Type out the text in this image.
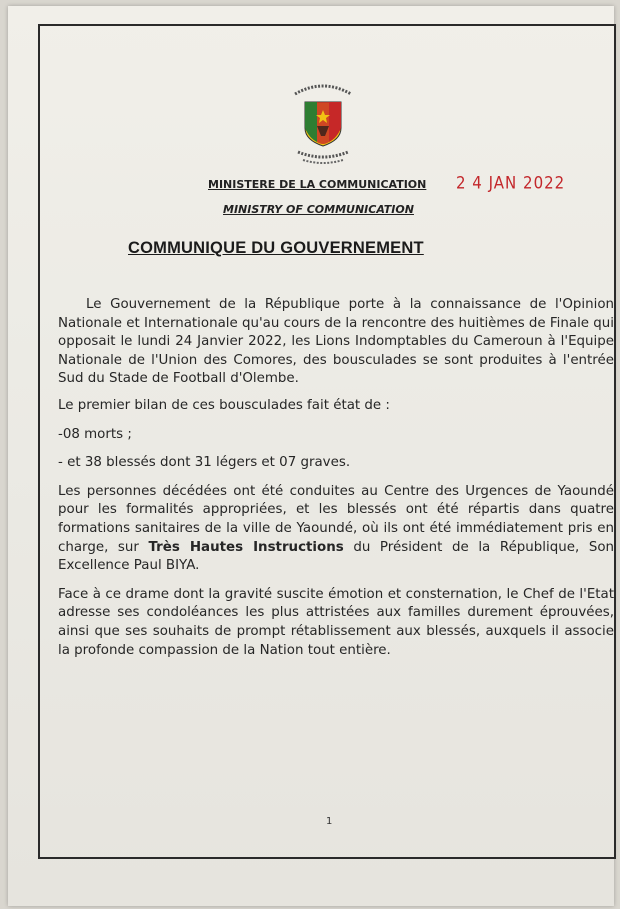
MINISTERE DE LA COMMUNICATION
MINISTRY OF COMMUNICATION
2 4 JAN 2022
COMMUNIQUE DU GOUVERNEMENT

Le Gouvernement de la République porte à la connaissance de l'Opinion Nationale et Internationale qu'au cours de la rencontre des huitièmes de Finale qui opposait le lundi 24 Janvier 2022, les Lions Indomptables du Cameroun à l'Equipe Nationale de l'Union des Comores, des bousculades se sont produites à l'entrée Sud du Stade de Football d'Olembe.

Le premier bilan de ces bousculades fait état de :

-08 morts ;

- et 38 blessés dont 31 légers et 07 graves.

Les personnes décédées ont été conduites au Centre des Urgences de Yaoundé pour les formalités appropriées, et les blessés ont été répartis dans quatre formations sanitaires de la ville de Yaoundé, où ils ont été immédiatement pris en charge, sur Très Hautes Instructions du Président de la République, Son Excellence Paul BIYA.

Face à ce drame dont la gravité suscite émotion et consternation, le Chef de l'Etat adresse ses condoléances les plus attristées aux familles durement éprouvées, ainsi que ses souhaits de prompt rétablissement aux blessés, auxquels il associe la profonde compassion de la Nation tout entière.

1
